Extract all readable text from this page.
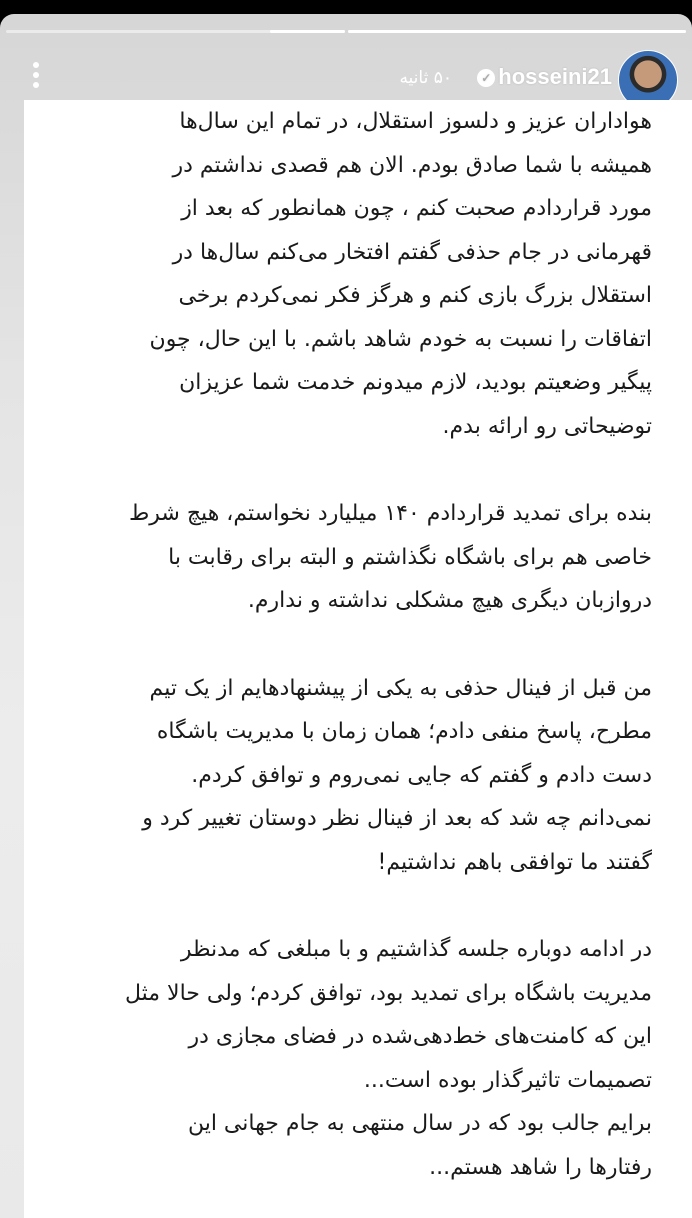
✓ hosseini21
۵۰ ثانیه
هواداران عزیز و دلسوز استقلال، در تمام این سال‌ها
همیشه با شما صادق بودم. الان هم قصدی نداشتم در
مورد قراردادم صحبت کنم ، چون همانطور که بعد از
قهرمانی در جام حذفی گفتم افتخار می‌کنم سال‌ها در
استقلال بزرگ بازی کنم و هرگز فکر نمی‌کردم برخی
اتفاقات را نسبت به خودم شاهد باشم. با این حال، چون
پیگیر وضعیتم بودید، لازم میدونم خدمت شما عزیزان
توضیحاتی رو ارائه بدم.
بنده برای تمدید قراردادم ۱۴۰ میلیارد نخواستم، هیچ شرط
خاصی هم برای باشگاه نگذاشتم و البته برای رقابت با
دروازبان دیگری هیچ مشکلی نداشته و ندارم.
من قبل از فینال حذفی به یکی از پیشنهادهایم از یک تیم
مطرح، پاسخ منفی دادم؛ همان زمان با مدیریت باشگاه
دست دادم و گفتم که جایی نمی‌روم و توافق کردم.
نمی‌دانم چه شد که بعد از فینال نظر دوستان تغییر کرد و
گفتند ما توافقی باهم نداشتیم!
در ادامه دوباره جلسه گذاشتیم و با مبلغی که مدنظر
مدیریت باشگاه برای تمدید بود، توافق کردم؛ ولی حالا مثل
این که کامنت‌های خط‌دهی‌شده در فضای مجازی در
تصمیمات تاثیرگذار بوده است...
برایم جالب بود که در سال منتهی به جام جهانی این
رفتارها را شاهد هستم...
